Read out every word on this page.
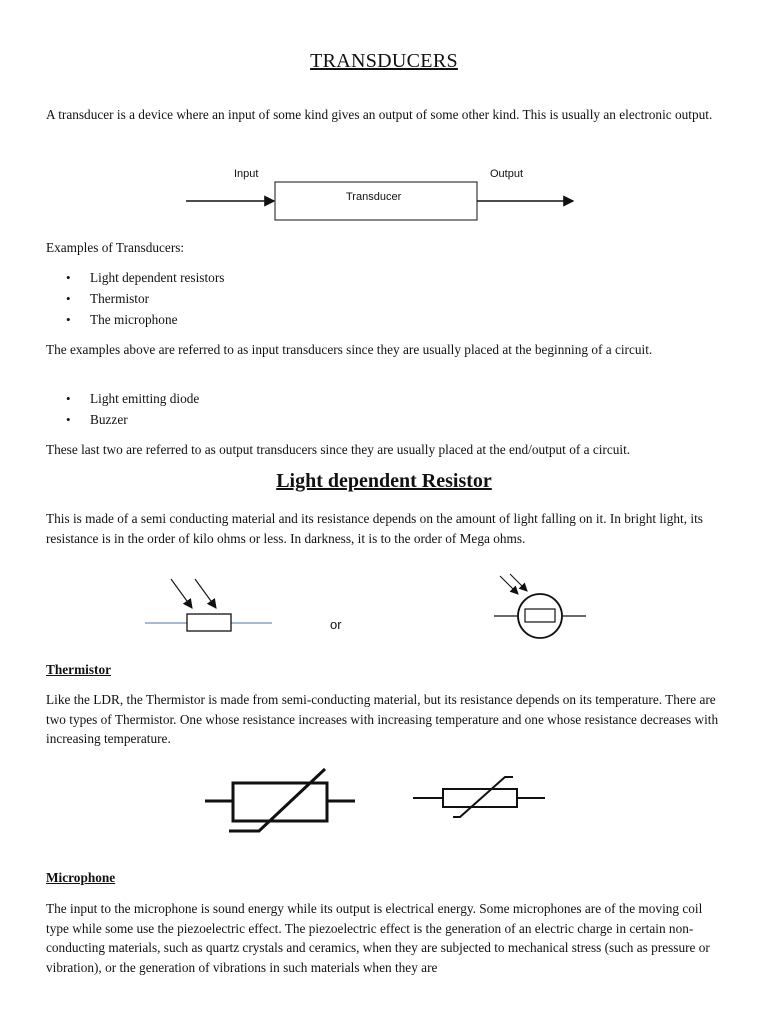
TRANSDUCERS

A transducer is a device where an input of some kind gives an output of some other kind. This is usually an electronic output.

Input	Output
Transducer

Examples of Transducers:

• Light dependent resistors
• Thermistor
• The microphone

The examples above are referred to as input transducers since they are usually placed at the beginning of a circuit.

• Light emitting diode
• Buzzer

These last two are referred to as output transducers since they are usually placed at the end/output of a circuit.

Light dependent Resistor

This is made of a semi conducting material and its resistance depends on the amount of light falling on it. In bright light, its resistance is in the order of kilo ohms or less. In darkness, it is to the order of Mega ohms.

or

Thermistor

Like the LDR, the Thermistor is made from semi-conducting material, but its resistance depends on its temperature. There are two types of Thermistor. One whose resistance increases with increasing temperature and one whose resistance decreases with increasing temperature.

Microphone

The input to the microphone is sound energy while its output is electrical energy. Some microphones are of the moving coil type while some use the piezoelectric effect. The piezoelectric effect is the generation of an electric charge in certain non-conducting materials, such as quartz crystals and ceramics, when they are subjected to mechanical stress (such as pressure or vibration), or the generation of vibrations in such materials when they are
